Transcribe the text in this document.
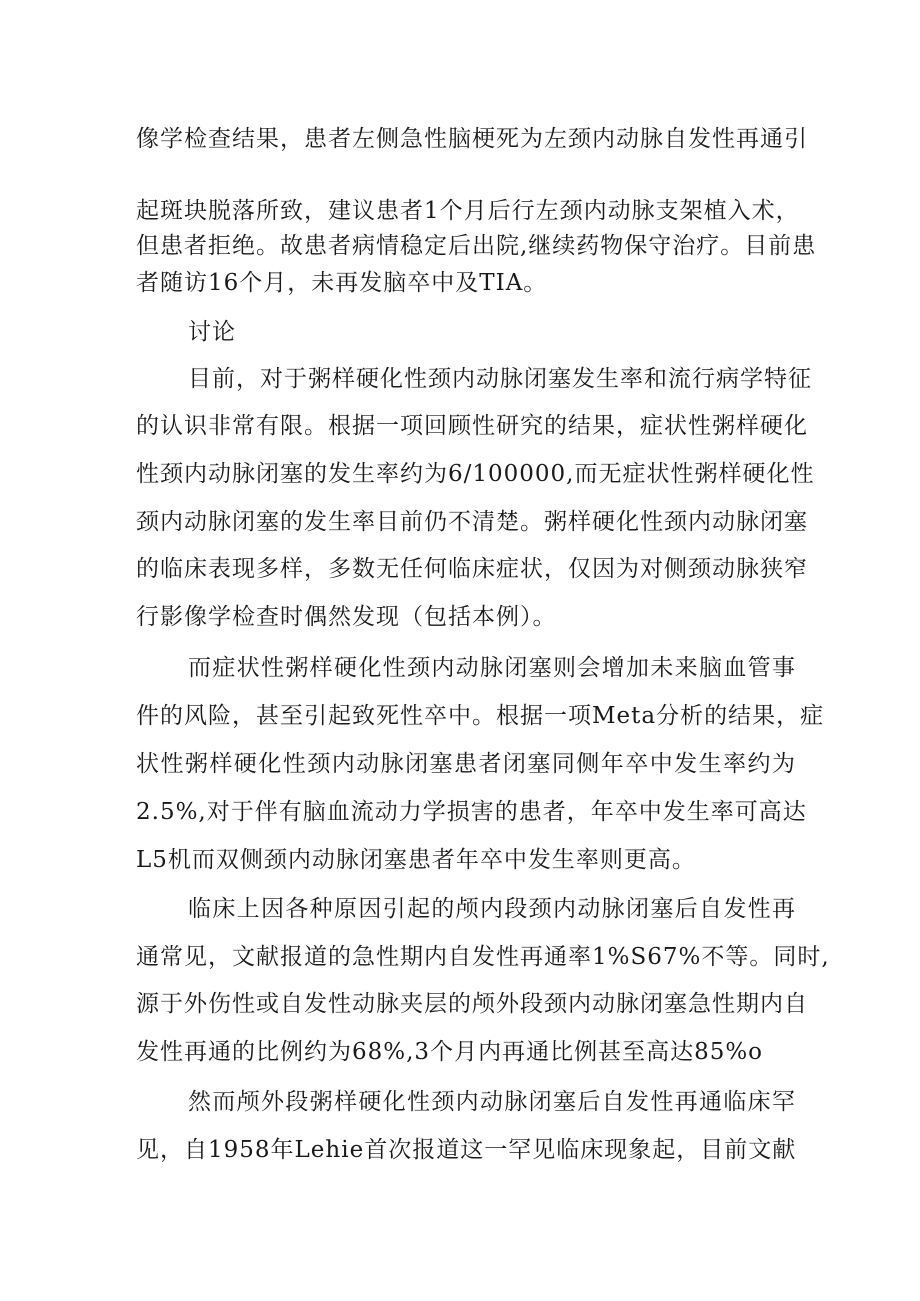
像学检查结果，患者左侧急性脑梗死为左颈内动脉自发性再通引
起斑块脱落所致，建议患者1个月后行左颈内动脉支架植入术，
但患者拒绝。故患者病情稳定后出院,继续药物保守治疗。目前患
者随访16个月，未再发脑卒中及TIA。
讨论
目前，对于粥样硬化性颈内动脉闭塞发生率和流行病学特征
的认识非常有限。根据一项回顾性研究的结果，症状性粥样硬化
性颈内动脉闭塞的发生率约为6/100000,而无症状性粥样硬化性
颈内动脉闭塞的发生率目前仍不清楚。粥样硬化性颈内动脉闭塞
的临床表现多样，多数无任何临床症状，仅因为对侧颈动脉狭窄
行影像学检查时偶然发现（包括本例）。
而症状性粥样硬化性颈内动脉闭塞则会增加未来脑血管事
件的风险，甚至引起致死性卒中。根据一项Meta分析的结果，症
状性粥样硬化性颈内动脉闭塞患者闭塞同侧年卒中发生率约为
2.5%,对于伴有脑血流动力学损害的患者，年卒中发生率可高达
L5机而双侧颈内动脉闭塞患者年卒中发生率则更高。
临床上因各种原因引起的颅内段颈内动脉闭塞后自发性再
通常见，文献报道的急性期内自发性再通率1%S67%不等。同时,
源于外伤性或自发性动脉夹层的颅外段颈内动脉闭塞急性期内自
发性再通的比例约为68%,3个月内再通比例甚至高达85%o
然而颅外段粥样硬化性颈内动脉闭塞后自发性再通临床罕
见，自1958年Lehie首次报道这一罕见临床现象起，目前文献
